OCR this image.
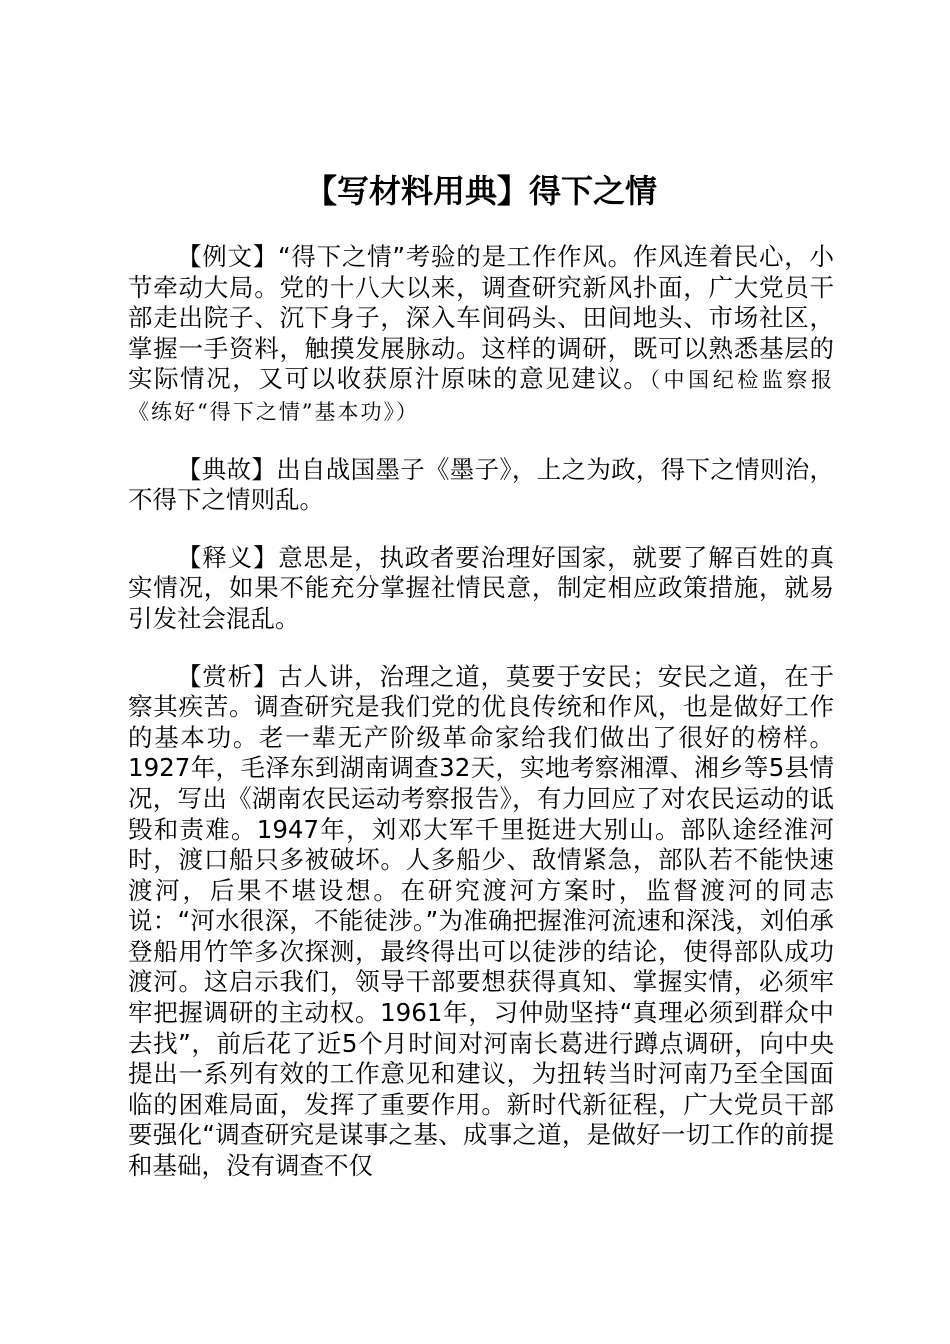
【写材料用典】得下之情

【例文】“得下之情”考验的是工作作风。作风连着民心，小节牵动大局。党的十八大以来，调查研究新风扑面，广大党员干部走出院子、沉下身子，深入车间码头、田间地头、市场社区，掌握一手资料，触摸发展脉动。这样的调研，既可以熟悉基层的实际情况，又可以收获原汁原味的意见建议。（中国纪检监察报《练好“得下之情”基本功》）

【典故】出自战国墨子《墨子》，上之为政，得下之情则治，不得下之情则乱。

【释义】意思是，执政者要治理好国家，就要了解百姓的真实情况，如果不能充分掌握社情民意，制定相应政策措施，就易引发社会混乱。

【赏析】古人讲，治理之道，莫要于安民；安民之道，在于察其疾苦。调查研究是我们党的优良传统和作风，也是做好工作的基本功。老一辈无产阶级革命家给我们做出了很好的榜样。1927年，毛泽东到湖南调查32天，实地考察湘潭、湘乡等5县情况，写出《湖南农民运动考察报告》，有力回应了对农民运动的诋毁和责难。1947年，刘邓大军千里挺进大别山。部队途经淮河时，渡口船只多被破坏。人多船少、敌情紧急，部队若不能快速渡河，后果不堪设想。在研究渡河方案时，监督渡河的同志说：“河水很深，不能徒涉。”为准确把握淮河流速和深浅，刘伯承登船用竹竿多次探测，最终得出可以徒涉的结论，使得部队成功渡河。这启示我们，领导干部要想获得真知、掌握实情，必须牢牢把握调研的主动权。1961年，习仲勋坚持“真理必须到群众中去找”，前后花了近5个月时间对河南长葛进行蹲点调研，向中央提出一系列有效的工作意见和建议，为扭转当时河南乃至全国面临的困难局面，发挥了重要作用。新时代新征程，广大党员干部要强化“调查研究是谋事之基、成事之道，是做好一切工作的前提和基础，没有调查不仅
